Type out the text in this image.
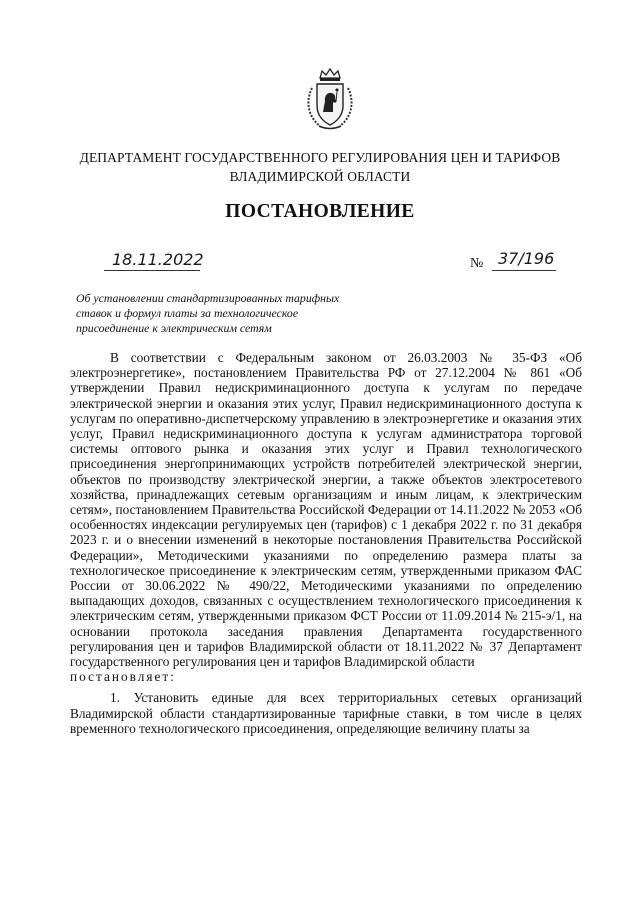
ДЕПАРТАМЕНТ ГОСУДАРСТВЕННОГО РЕГУЛИРОВАНИЯ ЦЕН И ТАРИФОВ
ВЛАДИМИРСКОЙ ОБЛАСТИ
ПОСТАНОВЛЕНИЕ
18.11.2022	№ 37/196
Об установлении стандартизированных тарифных
ставок и формул платы за технологическое
присоединение к электрическим сетям

В соответствии с Федеральным законом от 26.03.2003 № 35-ФЗ «Об электроэнергетике», постановлением Правительства РФ от 27.12.2004 № 861 «Об утверждении Правил недискриминационного доступа к услугам по передаче электрической энергии и оказания этих услуг, Правил недискриминационного доступа к услугам по оперативно-диспетчерскому управлению в электроэнергетике и оказания этих услуг, Правил недискриминационного доступа к услугам администратора торговой системы оптового рынка и оказания этих услуг и Правил технологического присоединения энергопринимающих устройств потребителей электрической энергии, объектов по производству электрической энергии, а также объектов электросетевого хозяйства, принадлежащих сетевым организациям и иным лицам, к электрическим сетям», постановлением Правительства Российской Федерации от 14.11.2022 № 2053 «Об особенностях индексации регулируемых цен (тарифов) с 1 декабря 2022 г. по 31 декабря 2023 г. и о внесении изменений в некоторые постановления Правительства Российской Федерации», Методическими указаниями по определению размера платы за технологическое присоединение к электрическим сетям, утвержденными приказом ФАС России от 30.06.2022 № 490/22, Методическими указаниями по определению выпадающих доходов, связанных с осуществлением технологического присоединения к электрическим сетям, утвержденными приказом ФСТ России от 11.09.2014 № 215-э/1, на основании протокола заседания правления Департамента государственного регулирования цен и тарифов Владимирской области от 18.11.2022 № 37 Департамент государственного регулирования цен и тарифов Владимирской области

постановляет:

1. Установить единые для всех территориальных сетевых организаций Владимирской области стандартизированные тарифные ставки, в том числе в целях временного технологического присоединения, определяющие величину платы за
